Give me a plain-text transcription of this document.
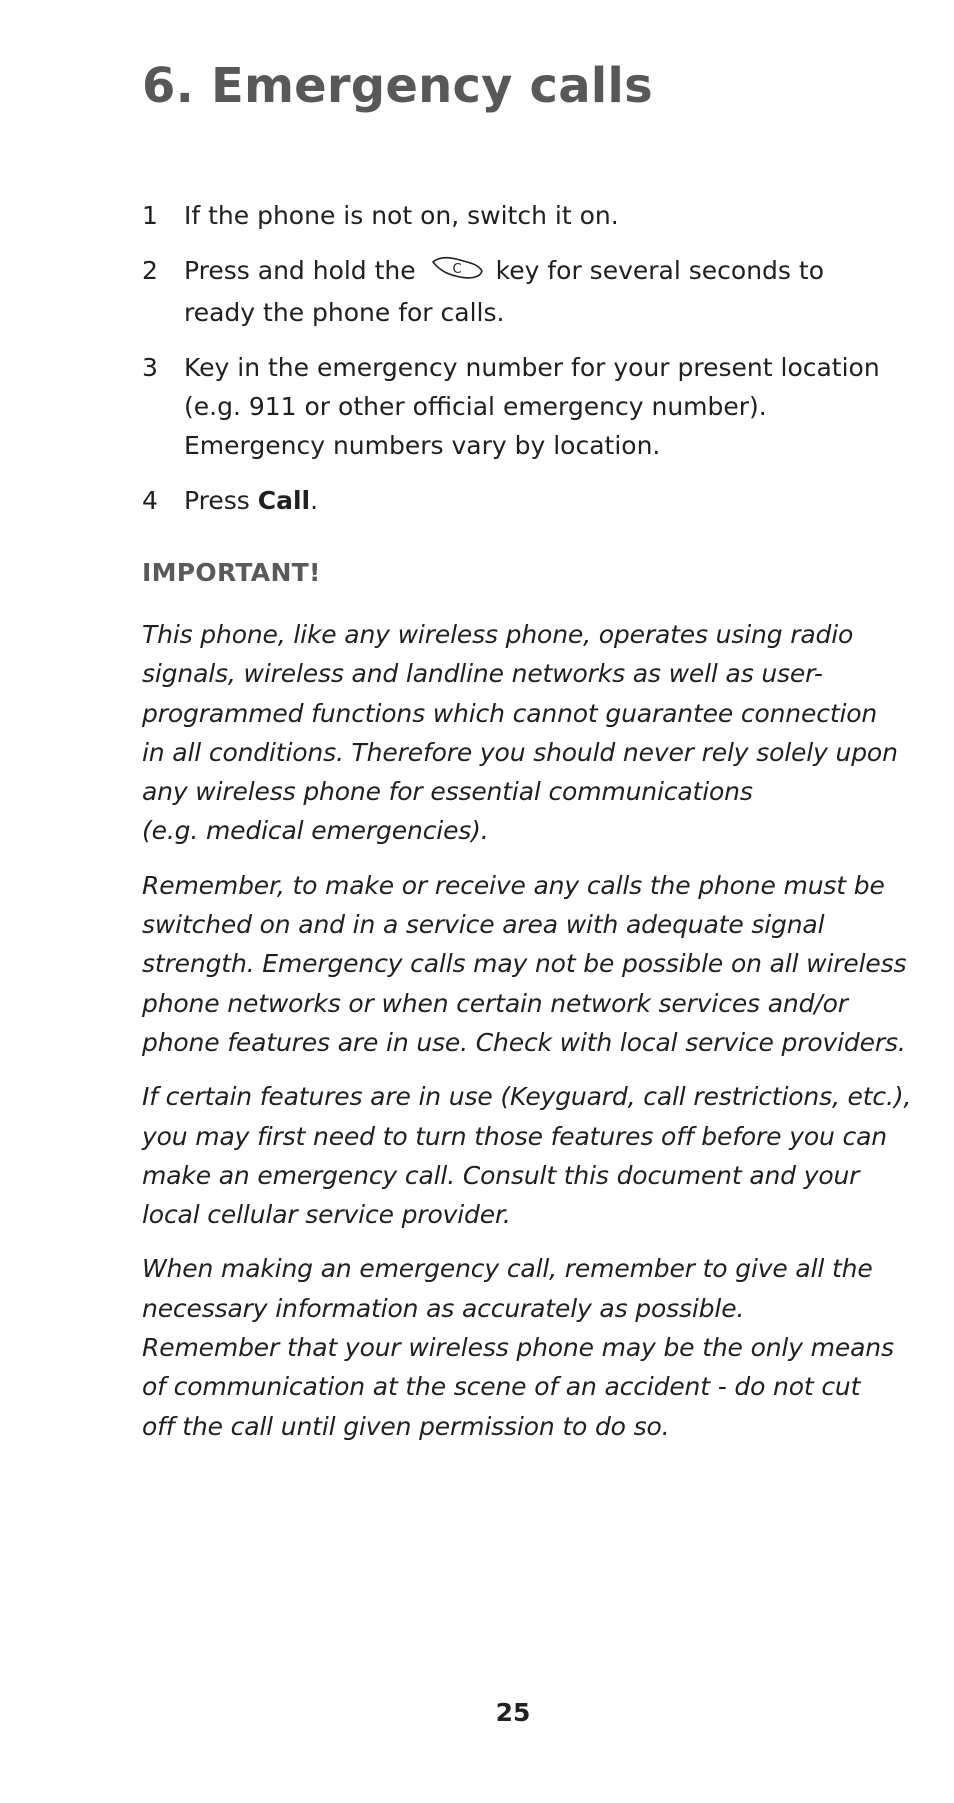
6. Emergency calls
1	If the phone is not on, switch it on.
2	Press and hold the	C key for several seconds to ready the phone for calls.
3	Key in the emergency number for your present location (e.g. 911 or other official emergency number). Emergency numbers vary by location.
4	Press Call.
IMPORTANT!

This phone, like any wireless phone, operates using radio
signals, wireless and landline networks as well as user-
programmed functions which cannot guarantee connection
in all conditions. Therefore you should never rely solely upon
any wireless phone for essential communications
(e.g. medical emergencies).

Remember, to make or receive any calls the phone must be
switched on and in a service area with adequate signal
strength. Emergency calls may not be possible on all wireless
phone networks or when certain network services and/or
phone features are in use. Check with local service providers.

If certain features are in use (Keyguard, call restrictions, etc.),
you may first need to turn those features off before you can
make an emergency call. Consult this document and your
local cellular service provider.

When making an emergency call, remember to give all the
necessary information as accurately as possible.
Remember that your wireless phone may be the only means
of communication at the scene of an accident - do not cut
off the call until given permission to do so.

25
